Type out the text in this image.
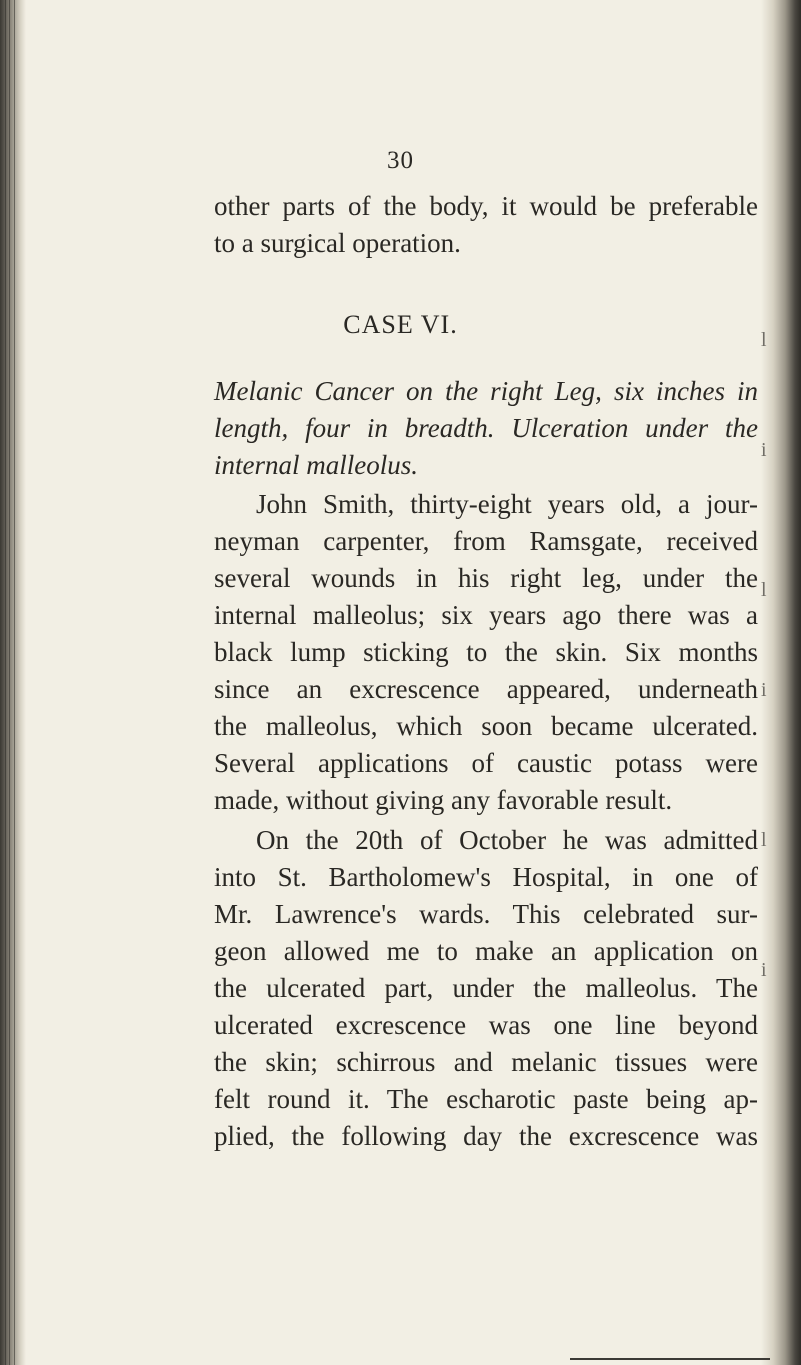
l
i
l
i
l
i
30
other parts of the body, it would be preferable
to a surgical operation.
CASE VI.
Melanic Cancer on the right Leg, six inches in
length, four in breadth. Ulceration under the
internal malleolus.
John Smith, thirty-eight years old, a jour-
neyman carpenter, from Ramsgate, received
several wounds in his right leg, under the
internal malleolus; six years ago there was a
black lump sticking to the skin. Six months
since an excrescence appeared, underneath
the malleolus, which soon became ulcerated.
Several applications of caustic potass were
made, without giving any favorable result.
On the 20th of October he was admitted
into St. Bartholomew's Hospital, in one of
Mr. Lawrence's wards. This celebrated sur-
geon allowed me to make an application on
the ulcerated part, under the malleolus. The
ulcerated excrescence was one line beyond
the skin; schirrous and melanic tissues were
felt round it. The escharotic paste being ap-
plied, the following day the excrescence was
